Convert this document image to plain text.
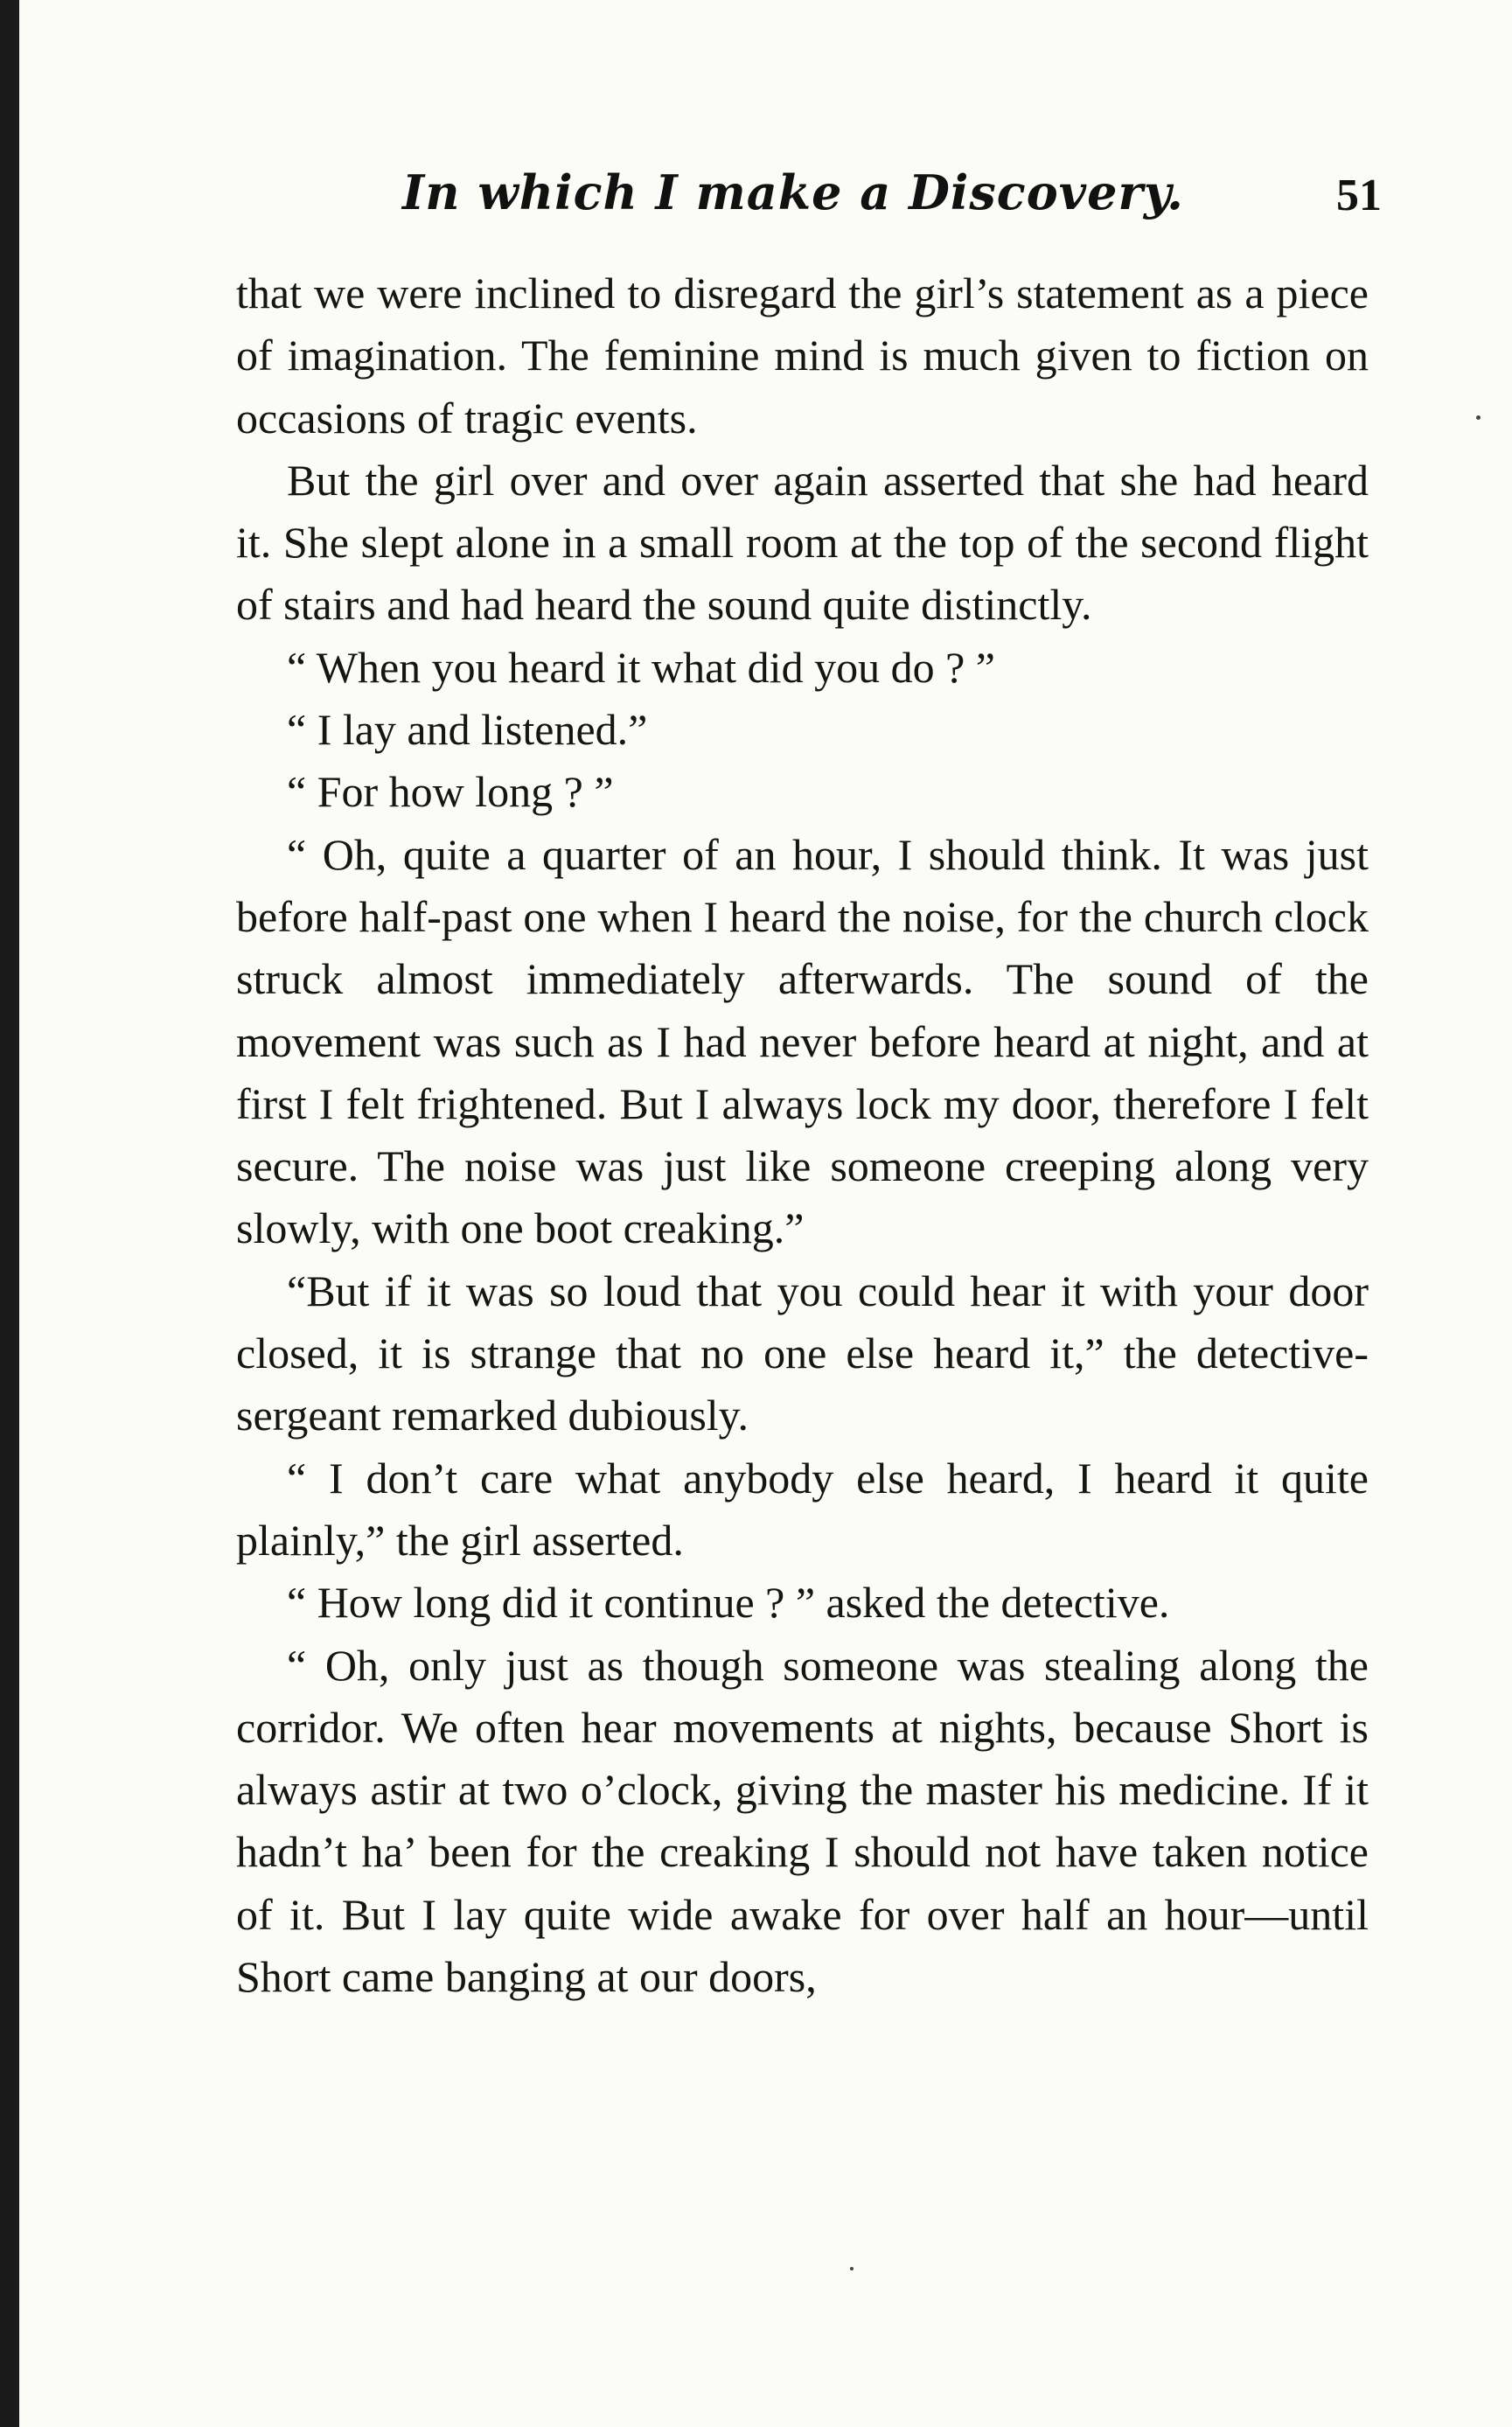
In which I make a Discovery.	51

that we were inclined to disregard the girl’s statement as a piece of imagination. The feminine mind is much given to fiction on occasions of tragic events.

But the girl over and over again asserted that she had heard it. She slept alone in a small room at the top of the second flight of stairs and had heard the sound quite distinctly.

“ When you heard it what did you do ? ”

“ I lay and listened.”

“ For how long ? ”

“ Oh, quite a quarter of an hour, I should think. It was just before half-past one when I heard the noise, for the church clock struck almost immediately afterwards. The sound of the movement was such as I had never before heard at night, and at first I felt frightened. But I always lock my door, therefore I felt secure. The noise was just like someone creeping along very slowly, with one boot creaking.”

“But if it was so loud that you could hear it with your door closed, it is strange that no one else heard it,” the detective-sergeant remarked dubiously.

“ I don’t care what anybody else heard, I heard it quite plainly,” the girl asserted.

“ How long did it continue ? ” asked the detective.

“ Oh, only just as though someone was stealing along the corridor. We often hear movements at nights, because Short is always astir at two o’clock, giving the master his medicine. If it hadn’t ha’ been for the creaking I should not have taken notice of it. But I lay quite wide awake for over half an hour—until Short came banging at our doors,
